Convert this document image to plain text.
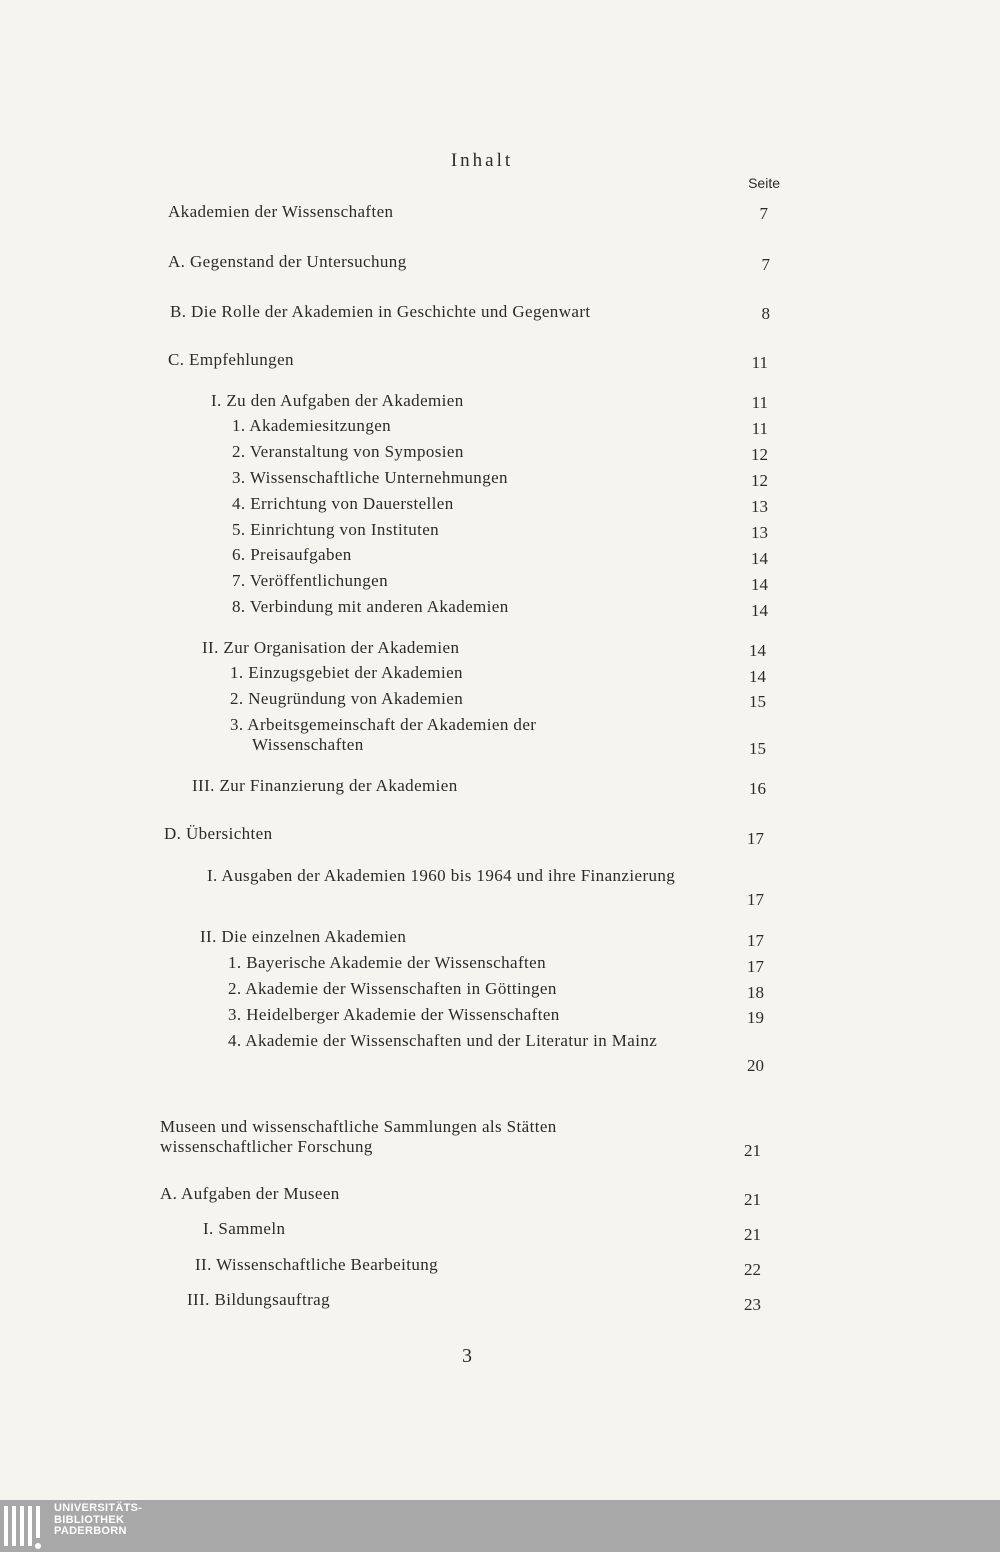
Inhalt
Seite
Akademien der Wissenschaften	7
A. Gegenstand der Untersuchung	7
B. Die Rolle der Akademien in Geschichte und Gegenwart	8
C. Empfehlungen	11
I. Zu den Aufgaben der Akademien	11
1. Akademiesitzungen	11
2. Veranstaltung von Symposien	12
3. Wissenschaftliche Unternehmungen	12
4. Errichtung von Dauerstellen	13
5. Einrichtung von Instituten	13
6. Preisaufgaben	14
7. Veröffentlichungen	14
8. Verbindung mit anderen Akademien	14
II. Zur Organisation der Akademien	14
1. Einzugsgebiet der Akademien	14
2. Neugründung von Akademien	15
3. Arbeitsgemeinschaft der Akademien der Wissenschaften	15
III. Zur Finanzierung der Akademien	16
D. Übersichten	17
I. Ausgaben der Akademien 1960 bis 1964 und ihre Finanzierung
17
II. Die einzelnen Akademien	17
1. Bayerische Akademie der Wissenschaften	17
2. Akademie der Wissenschaften in Göttingen	18
3. Heidelberger Akademie der Wissenschaften	19
4. Akademie der Wissenschaften und der Literatur in Mainz
20
Museen und wissenschaftliche Sammlungen als Stätten wissenschaftlicher Forschung	21
A. Aufgaben der Museen	21
I. Sammeln	21
II. Wissenschaftliche Bearbeitung	22
III. Bildungsauftrag	23
3
UNIVERSITÄTS-
BIBLIOTHEK
PADERBORN
